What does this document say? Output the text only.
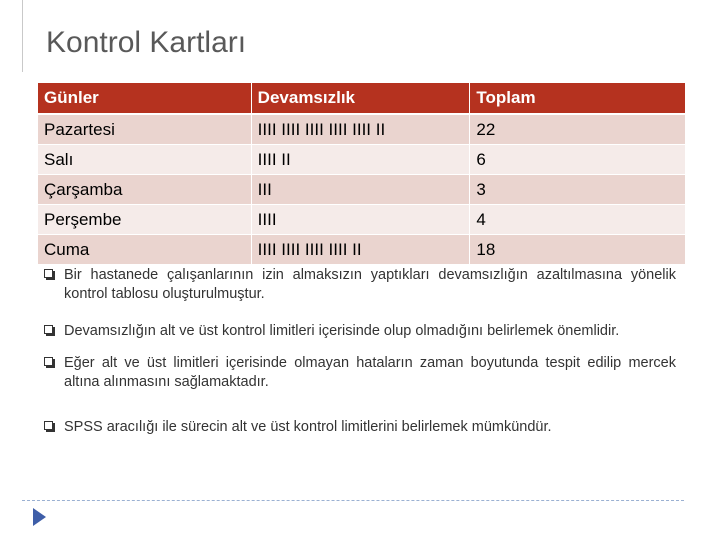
Kontrol Kartları
Günler	Devamsızlık	Toplam
Pazartesi	IIII IIII IIII IIII IIII II	22
Salı	IIII II	6
Çarşamba	III	3
Perşembe	IIII	4
Cuma	IIII IIII IIII IIII II	18
Bir hastanede çalışanlarının izin almaksızın yaptıkları devamsızlığın azaltılmasına yönelik kontrol tablosu oluşturulmuştur.
Devamsızlığın alt ve üst kontrol limitleri içerisinde olup olmadığını belirlemek önemlidir.
Eğer alt ve üst limitleri içerisinde olmayan hataların zaman boyutunda tespit edilip mercek altına alınmasını sağlamaktadır.
SPSS aracılığı ile sürecin alt ve üst kontrol limitlerini belirlemek mümkündür.
